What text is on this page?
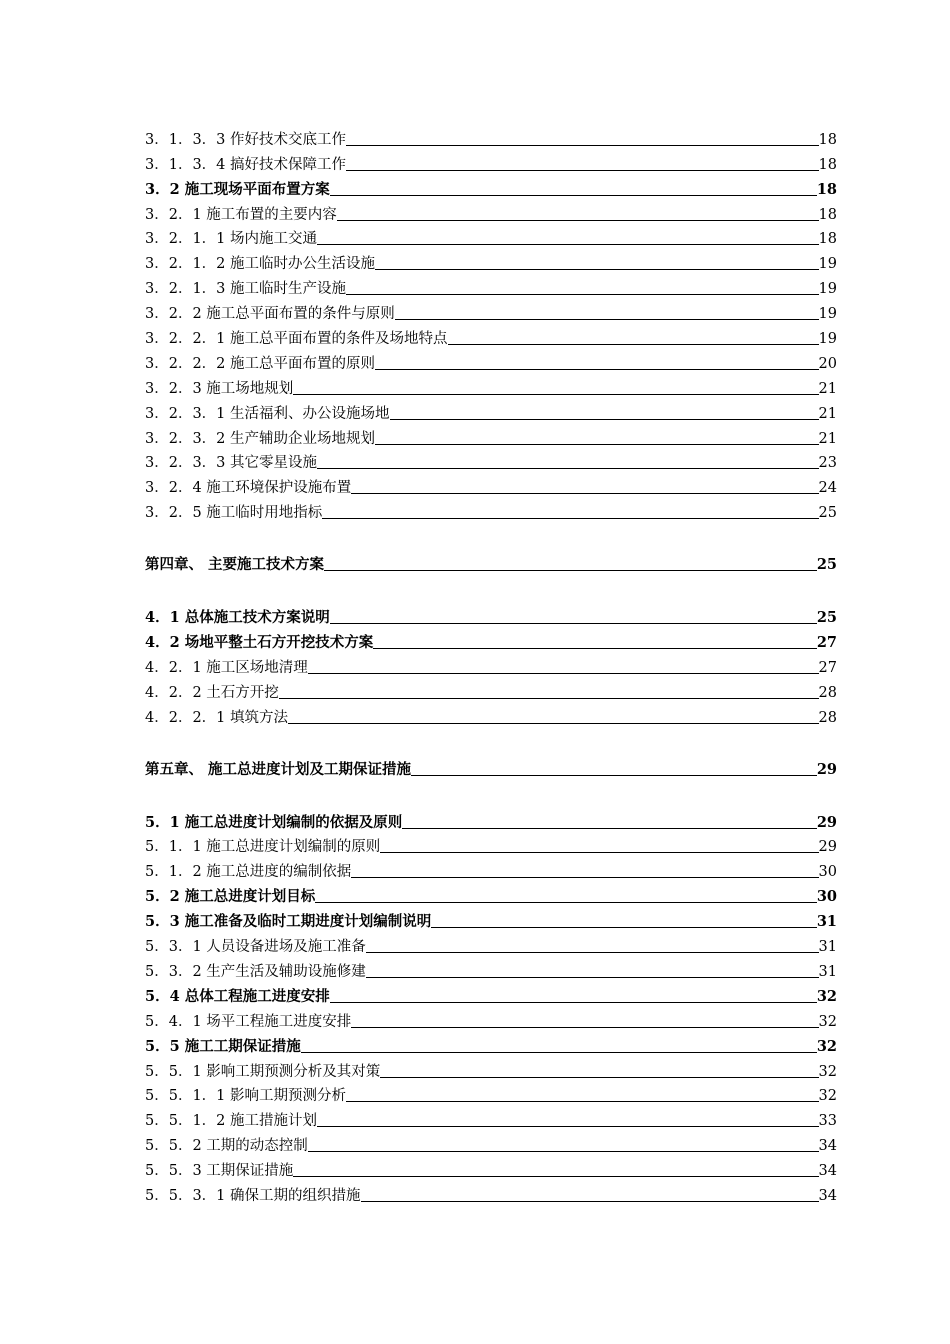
3．1．3．3 作好技术交底工作	18
3．1．3．4 搞好技术保障工作	18
3．2 施工现场平面布置方案	18
3．2．1 施工布置的主要内容	18
3．2．1．1 场内施工交通	18
3．2．1．2 施工临时办公生活设施	19
3．2．1．3 施工临时生产设施	19
3．2．2 施工总平面布置的条件与原则	19
3．2．2．1 施工总平面布置的条件及场地特点	19
3．2．2．2 施工总平面布置的原则	20
3．2．3 施工场地规划	21
3．2．3．1 生活福利、办公设施场地	21
3．2．3．2 生产辅助企业场地规划	21
3．2．3．3 其它零星设施	23
3．2．4 施工环境保护设施布置	24
3．2．5 施工临时用地指标	25
第四章、 主要施工技术方案	25
4．1 总体施工技术方案说明	25
4．2 场地平整土石方开挖技术方案	27
4．2．1 施工区场地清理	27
4．2．2 土石方开挖	28
4．2．2．1 填筑方法	28
第五章、 施工总进度计划及工期保证措施	29
5．1 施工总进度计划编制的依据及原则	29
5．1．1 施工总进度计划编制的原则	29
5．1．2 施工总进度的编制依据	30
5．2 施工总进度计划目标	30
5．3 施工准备及临时工期进度计划编制说明	31
5．3．1 人员设备进场及施工准备	31
5．3．2 生产生活及辅助设施修建	31
5．4 总体工程施工进度安排	32
5．4．1 场平工程施工进度安排	32
5．5 施工工期保证措施	32
5．5．1 影响工期预测分析及其对策	32
5．5．1．1 影响工期预测分析	32
5．5．1．2 施工措施计划	33
5．5．2 工期的动态控制	34
5．5．3 工期保证措施	34
5．5．3．1 确保工期的组织措施	34
